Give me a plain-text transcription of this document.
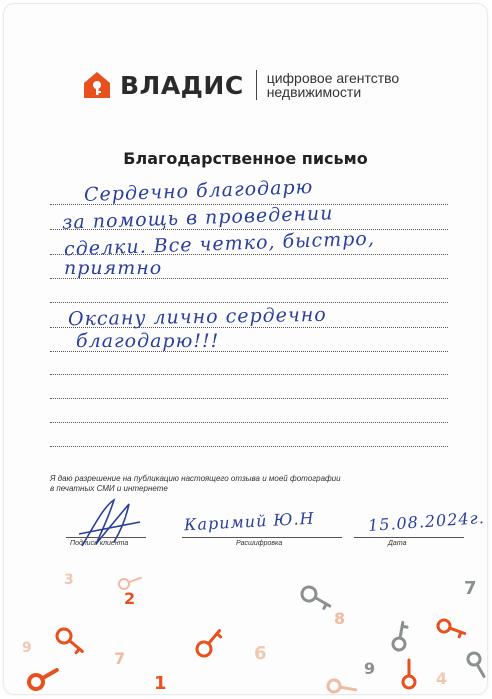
ВЛАДИС цифровое агентство
недвижимости
Благодарственное письмо
Сердечно благодарю
за помощь в проведении
сделки. Все четко, быстро,
приятно
Оксану лично сердечно
благодарю!!!
Я даю разрешение на публикацию настоящего отзыва и моей фотографии
в печатных СМИ и интернете
Подпись клиента
Каримий Ю.Н
Расшифровка
15.08.2024г.
Дата
3
2
9
7	6
8
7
4
1
9
